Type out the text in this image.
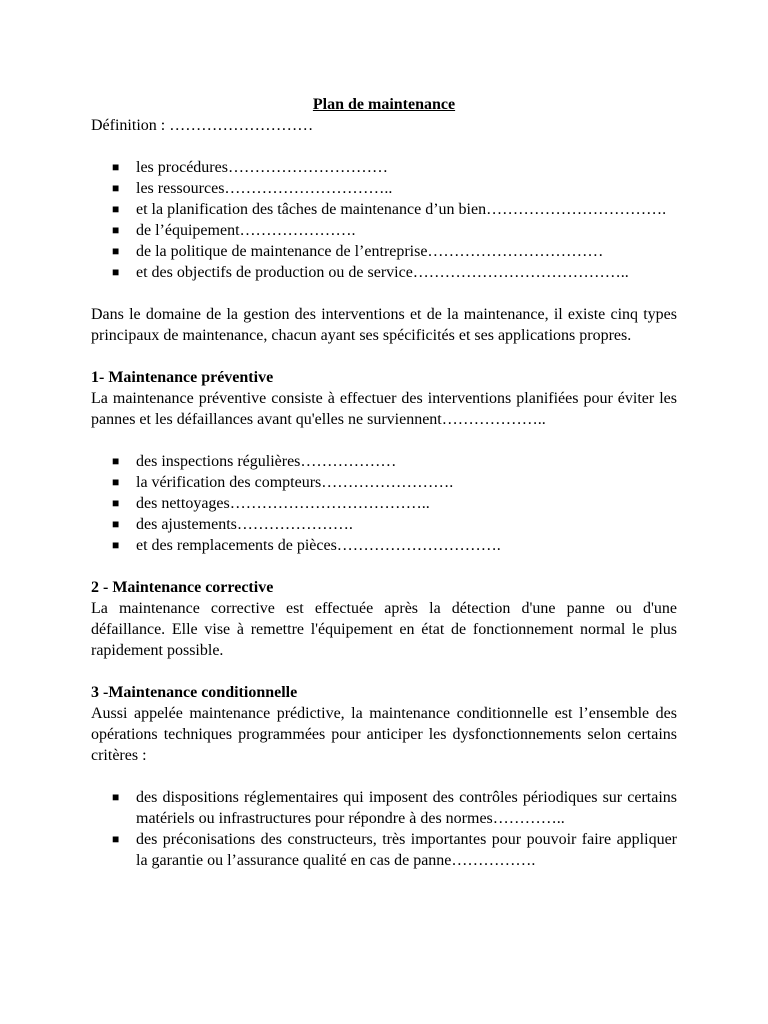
Plan de maintenance

Définition : ………………………

■ les procédures…………………………
■ les ressources…………………………..
■ et la planification des tâches de maintenance d’un bien…………………………….
■ de l’équipement………………….
■ de la politique de maintenance de l’entreprise……………………………
■ et des objectifs de production ou de service…………………………………..

Dans le domaine de la gestion des interventions et de la maintenance, il existe cinq types principaux de maintenance, chacun ayant ses spécificités et ses applications propres.

1- Maintenance préventive

La maintenance préventive consiste à effectuer des interventions planifiées pour éviter les pannes et les défaillances avant qu'elles ne surviennent………………..

■ des inspections régulières………………
■ la vérification des compteurs…………………….
■ des nettoyages………………………………..
■ des ajustements………………….
■ et des remplacements de pièces………………………….

2 - Maintenance corrective

La maintenance corrective est effectuée après la détection d'une panne ou d'une défaillance. Elle vise à remettre l'équipement en état de fonctionnement normal le plus rapidement possible.

3 -Maintenance conditionnelle

Aussi appelée maintenance prédictive, la maintenance conditionnelle est l’ensemble des opérations techniques programmées pour anticiper les dysfonctionnements selon certains critères :

■ des dispositions réglementaires qui imposent des contrôles périodiques sur certains matériels ou infrastructures pour répondre à des normes…………..
■ des préconisations des constructeurs, très importantes pour pouvoir faire appliquer la garantie ou l’assurance qualité en cas de panne…………….
